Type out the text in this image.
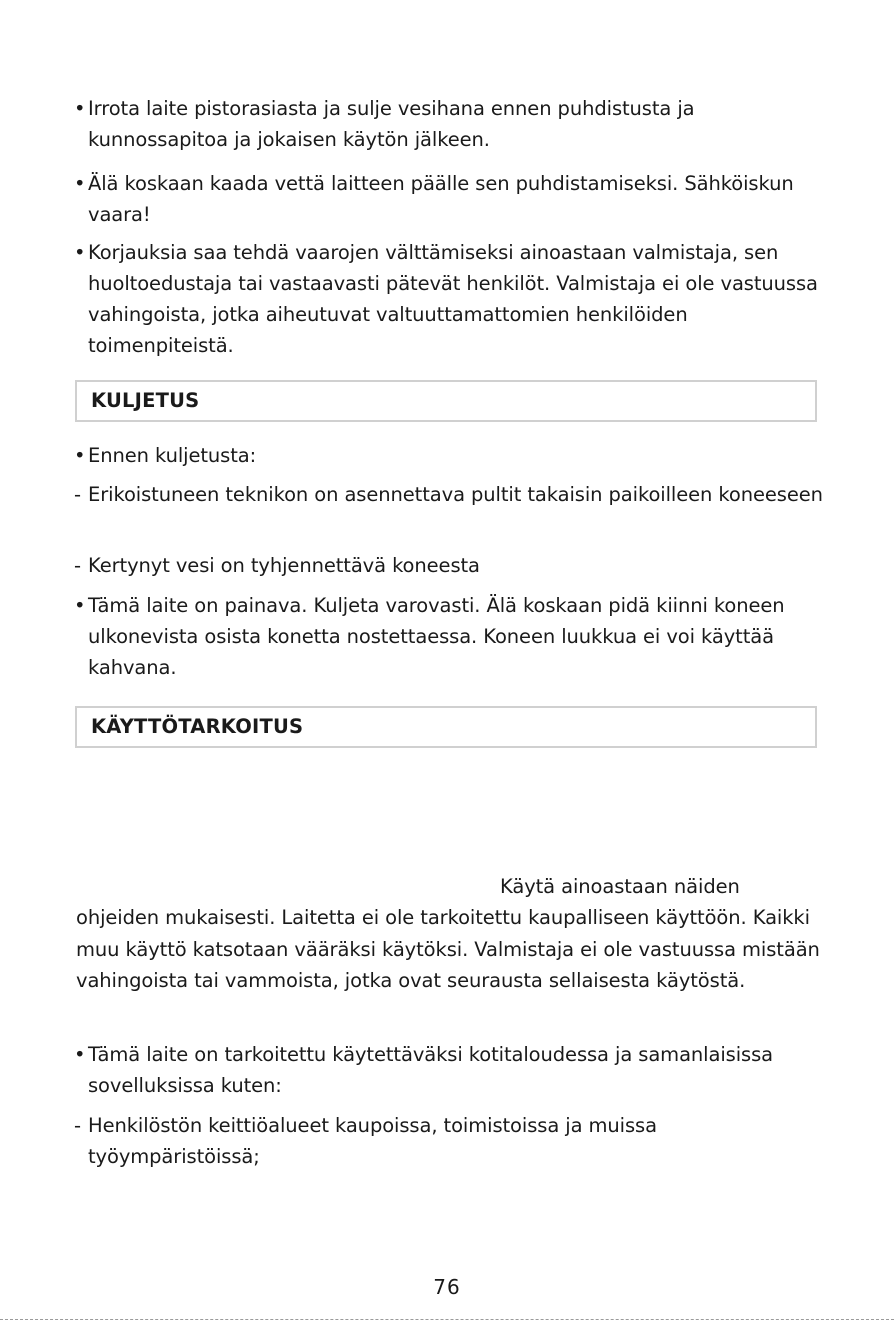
• Irrota laite pistorasiasta ja sulje vesihana ennen puhdistusta ja kunnossapitoa ja jokaisen käytön jälkeen.
• Älä koskaan kaada vettä laitteen päälle sen puhdistamiseksi. Sähköiskun vaara!
• Korjauksia saa tehdä vaarojen välttämiseksi ainoastaan valmistaja, sen huoltoedustaja tai vastaavasti pätevät henkilöt. Valmistaja ei ole vastuussa vahingoista, jotka aiheutuvat valtuuttamattomien henkilöiden toimenpiteistä.
KULJETUS
• Ennen kuljetusta:
- Erikoistuneen teknikon on asennettava pultit takaisin paikoilleen koneeseen
- Kertynyt vesi on tyhjennettävä koneesta
• Tämä laite on painava. Kuljeta varovasti. Älä koskaan pidä kiinni koneen ulkonevista osista konetta nostettaessa. Koneen luukkua ei voi käyttää kahvana.
KÄYTTÖTARKOITUS
Käytä ainoastaan näiden
ohjeiden mukaisesti. Laitetta ei ole tarkoitettu kaupalliseen käyttöön. Kaikki muu käyttö katsotaan vääräksi käytöksi. Valmistaja ei ole vastuussa mistään vahingoista tai vammoista, jotka ovat seurausta sellaisesta käytöstä.
• Tämä laite on tarkoitettu käytettäväksi kotitaloudessa ja samanlaisissa sovelluksissa kuten:
- Henkilöstön keittiöalueet kaupoissa, toimistoissa ja muissa työympäristöissä;
76
